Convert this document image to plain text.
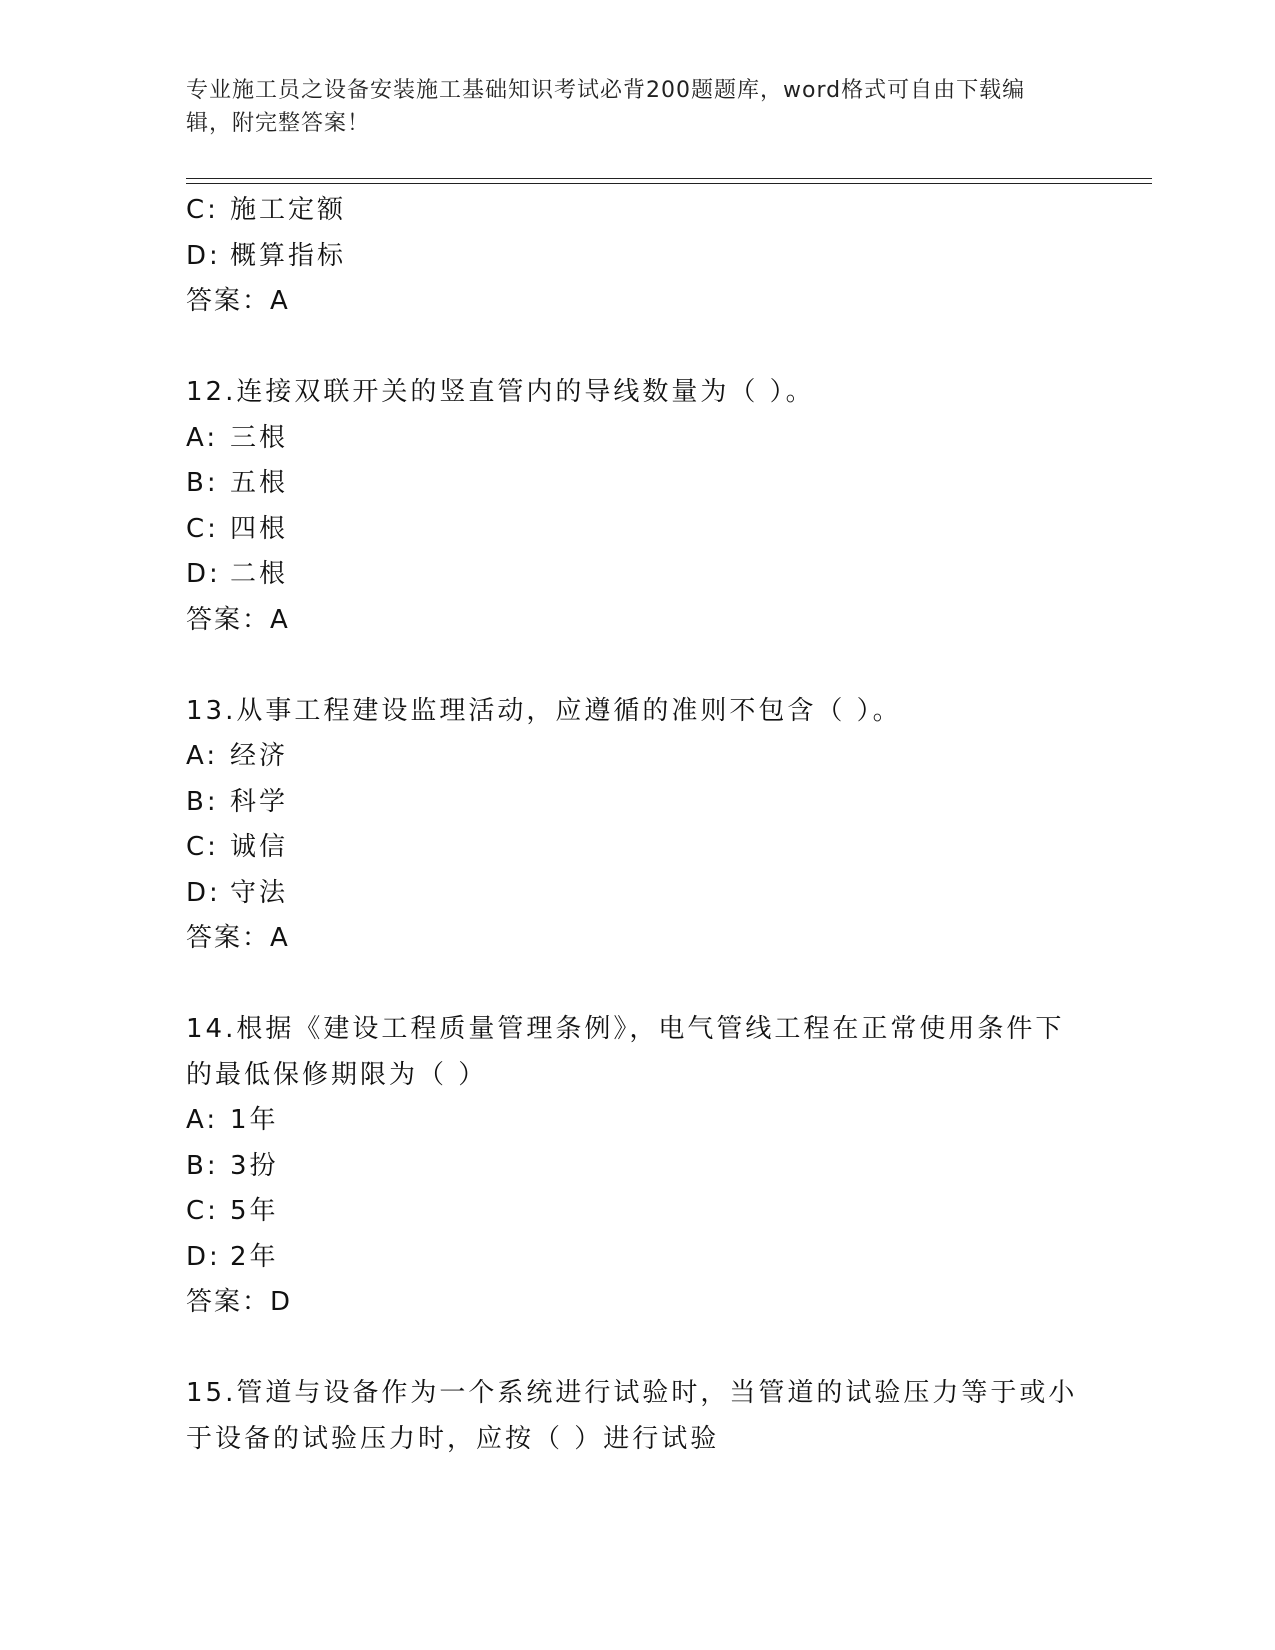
专业施工员之设备安装施工基础知识考试必背200题题库，word格式可自由下载编辑，附完整答案！
C: 施工定额
D: 概算指标
答案：A
12.连接双联开关的竖直管内的导线数量为（ ）。
A: 三根
B: 五根
C: 四根
D: 二根
答案：A
13.从事工程建设监理活动，应遵循的准则不包含（ ）。
A: 经济
B: 科学
C: 诚信
D: 守法
答案：A
14.根据《建设工程质量管理条例》，电气管线工程在正常使用条件下的最低保修期限为（ ）
A: 1年
B: 3扮
C: 5年
D: 2年
答案：D
15.管道与设备作为一个系统进行试验时，当管道的试验压力等于或小于设备的试验压力时，应按（ ）进行试验
